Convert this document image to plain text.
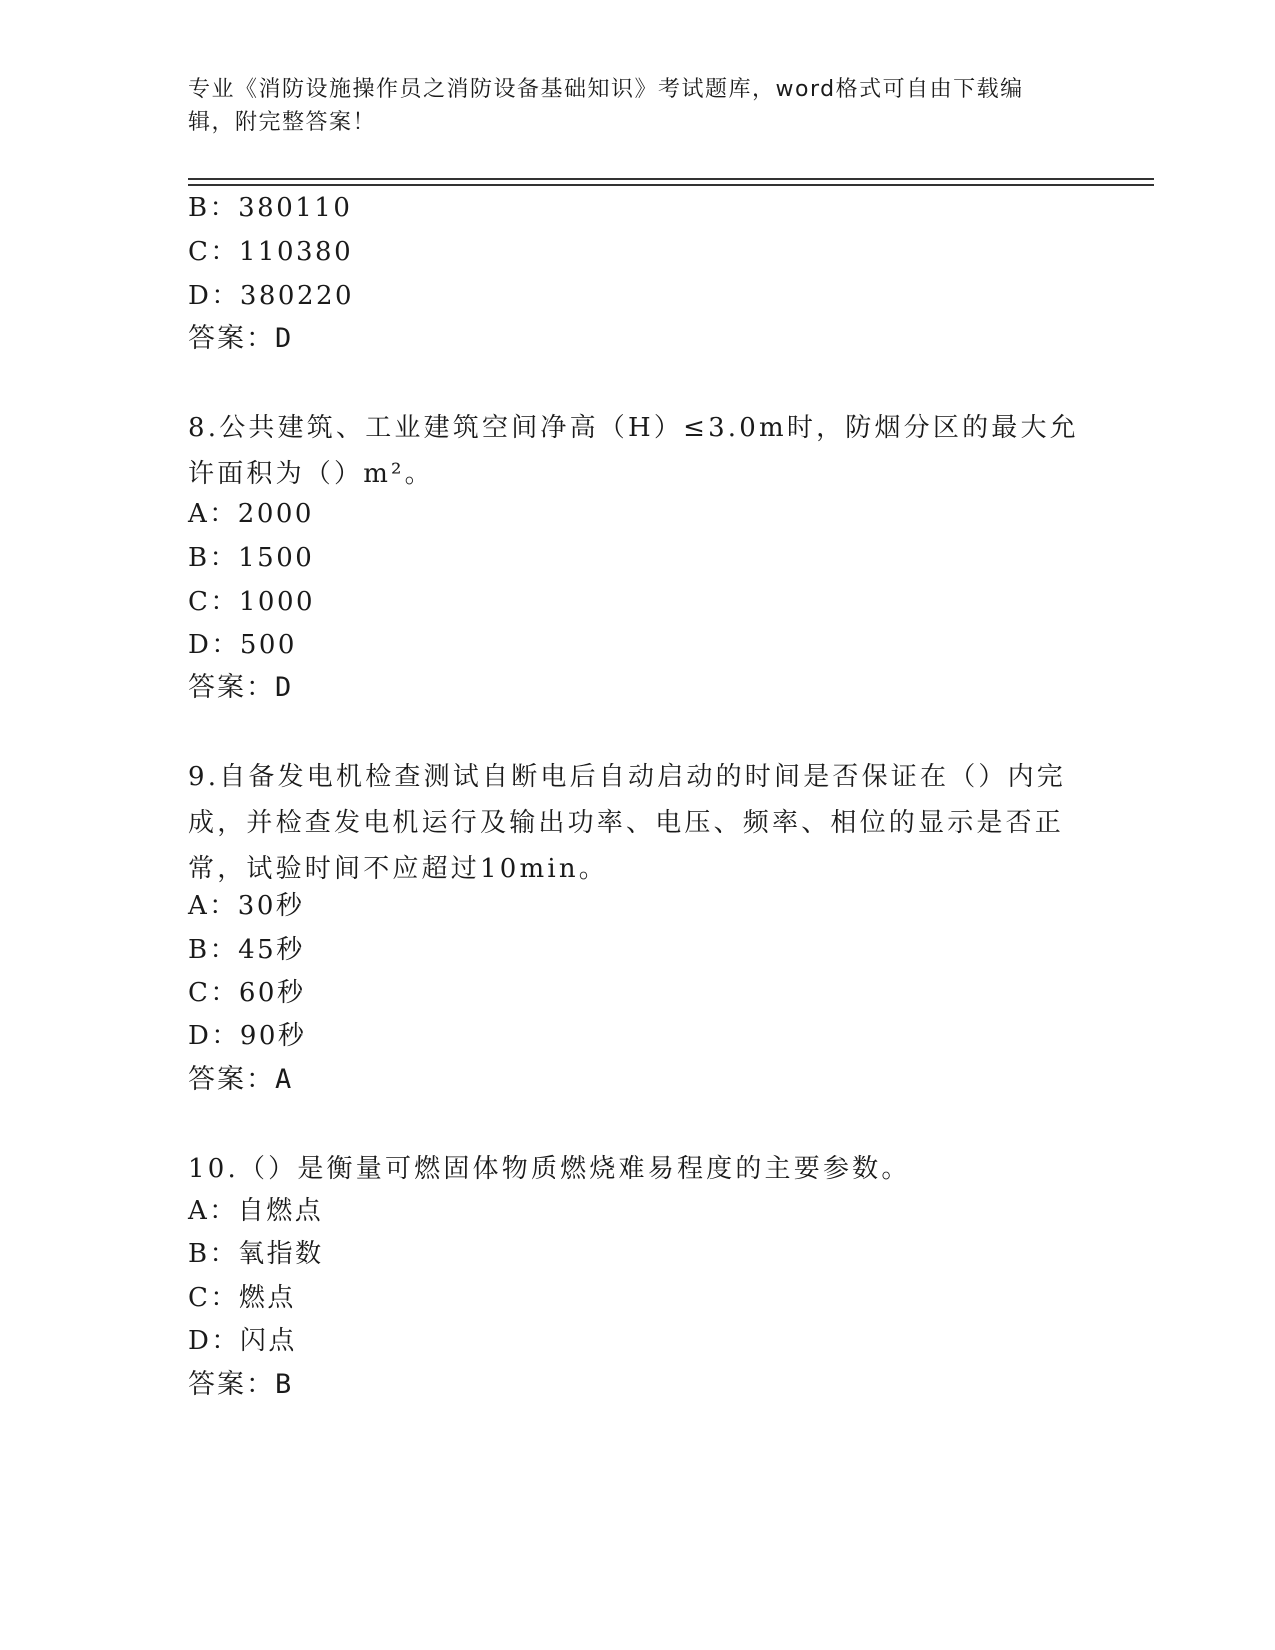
专业《消防设施操作员之消防设备基础知识》考试题库，word格式可自由下载编辑，附完整答案！
B：380110
C：110380
D：380220
答案：D
8.公共建筑、工业建筑空间净高（H）≤3.0m时，防烟分区的最大允许面积为（）m²。
A：2000
B：1500
C：1000
D：500
答案：D
9.自备发电机检查测试自断电后自动启动的时间是否保证在（）内完成，并检查发电机运行及输出功率、电压、频率、相位的显示是否正常，试验时间不应超过10min。
A：30秒
B：45秒
C：60秒
D：90秒
答案：A
10.（）是衡量可燃固体物质燃烧难易程度的主要参数。
A：自燃点
B：氧指数
C：燃点
D：闪点
答案：B
